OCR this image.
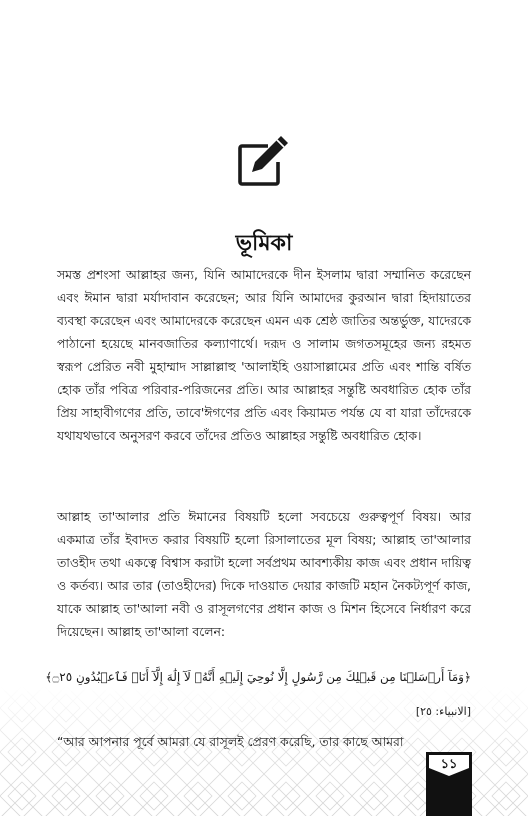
ভূমিকা
সমস্ত প্রশংসা আল্লাহর জন্য, যিনি আমাদেরকে দীন ইসলাম দ্বারা সম্মানিত করেছেন এবং ঈমান দ্বারা মর্যাদাবান করেছেন; আর যিনি আমাদের কুরআন দ্বারা হিদায়াতের ব্যবস্থা করেছেন এবং আমাদেরকে করেছেন এমন এক শ্রেষ্ঠ জাতির অন্তর্ভুক্ত, যাদেরকে পাঠানো হয়েছে মানবজাতির কল্যাণার্থে। দরূদ ও সালাম জগতসমূহের জন্য রহমত স্বরূপ প্রেরিত নবী মুহাম্মাদ সাল্লাল্লাহু 'আলাইহি ওয়াসাল্লামের প্রতি এবং শান্তি বর্ষিত হোক তাঁর পবিত্র পরিবার-পরিজনের প্রতি। আর আল্লাহর সন্তুষ্টি অবধারিত হোক তাঁর প্রিয় সাহাবীগণের প্রতি, তাবে'ঈগণের প্রতি এবং কিয়ামত পর্যন্ত যে বা যারা তাঁদেরকে যথাযথভাবে অনুসরণ করবে তাঁদের প্রতিও আল্লাহর সন্তুষ্টি অবধারিত হোক।
আল্লাহ তা'আলার প্রতি ঈমানের বিষয়টি হলো সবচেয়ে গুরুত্বপূর্ণ বিষয়। আর একমাত্র তাঁর ইবাদত করার বিষয়টি হলো রিসালাতের মূল বিষয়; আল্লাহ তা'আলার তাওহীদ তথা একত্বে বিশ্বাস করাটা হলো সর্বপ্রথম আবশ্যকীয় কাজ এবং প্রধান দায়িত্ব ও কর্তব্য। আর তার (তাওহীদের) দিকে দাওয়াত দেয়ার কাজটি মহান নৈকট্যপূর্ণ কাজ, যাকে আল্লাহ তা'আলা নবী ও রাসূলগণের প্রধান কাজ ও মিশন হিসেবে নির্ধারণ করে দিয়েছেন। আল্লাহ তা'আলা বলেন:
﴿وَمَآ أَرۡسَلۡنَا مِن قَبۡلِكَ مِن رَّسُولٍ إِلَّا نُوحِيٓ إِلَيۡهِ أَنَّهُۥ لَآ إِلَٰهَ إِلَّآ أَنَا۠ فَٱعۡبُدُونِ ۝٢٥﴾
[الانبياء: ٢٥]
“আর আপনার পূর্বে আমরা যে রাসূলই প্রেরণ করেছি, তার কাছে আমরা
১১
